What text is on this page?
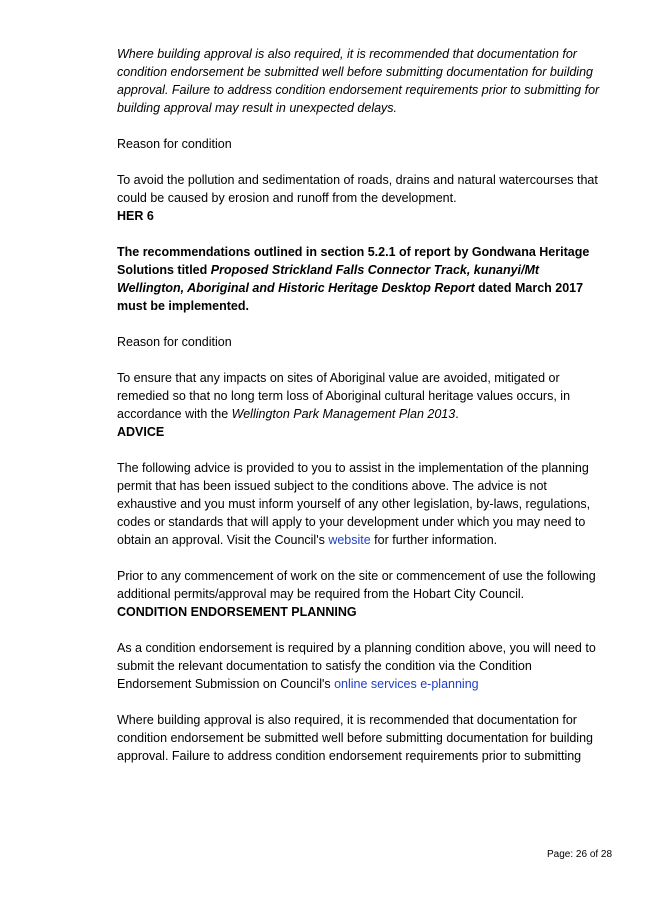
Where building approval is also required, it is recommended that documentation for condition endorsement be submitted well before submitting documentation for building approval. Failure to address condition endorsement requirements prior to submitting for building approval may result in unexpected delays.

Reason for condition

To avoid the pollution and sedimentation of roads, drains and natural watercourses that could be caused by erosion and runoff from the development.

HER 6

The recommendations outlined in section 5.2.1 of report by Gondwana Heritage Solutions titled Proposed Strickland Falls Connector Track, kunanyi/Mt Wellington, Aboriginal and Historic Heritage Desktop Report dated March 2017 must be implemented.

Reason for condition

To ensure that any impacts on sites of Aboriginal value are avoided, mitigated or remedied so that no long term loss of Aboriginal cultural heritage values occurs, in accordance with the Wellington Park Management Plan 2013.

ADVICE

The following advice is provided to you to assist in the implementation of the planning permit that has been issued subject to the conditions above. The advice is not exhaustive and you must inform yourself of any other legislation, by-laws, regulations, codes or standards that will apply to your development under which you may need to obtain an approval. Visit the Council's website for further information.

Prior to any commencement of work on the site or commencement of use the following additional permits/approval may be required from the Hobart City Council.

CONDITION ENDORSEMENT PLANNING

As a condition endorsement is required by a planning condition above, you will need to submit the relevant documentation to satisfy the condition via the Condition Endorsement Submission on Council's online services e-planning

Where building approval is also required, it is recommended that documentation for condition endorsement be submitted well before submitting documentation for building approval. Failure to address condition endorsement requirements prior to submitting

Page: 26 of 28
